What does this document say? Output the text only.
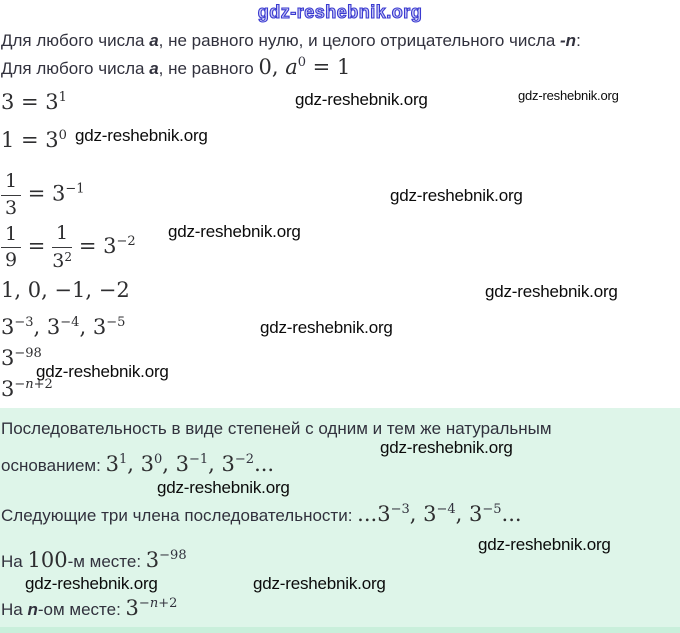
gdz-reshebnik.org
Для любого числа a, не равного нулю, и целого отрицательного числа -n:
Для любого числа a, не равного 0, $a^0 = 1$
$3 = 3^1$
$1 = 3^0$
$\frac{1}{3} = 3^{-1}$
$\frac{1}{9} = \frac{1}{3^2} = 3^{-2}$
1, 0, −1, −2
$3^{-3}$, $3^{-4}$, $3^{-5}$
$3^{-98}$
$3^{-n+2}$
Последовательность в виде степеней с одним и тем же натуральным
основанием: $3^1$, $3^0$, $3^{-1}$, $3^{-2}$...
Следующие три члена последовательности: $...3^{-3}$, $3^{-4}$, $3^{-5}$...
На 100-м месте: $3^{-98}$
На n-ом месте: $3^{-n+2}$
gdz-reshebnik.org	gdz-reshebnik.org
gdz-reshebnik.org
gdz-reshebnik.org
gdz-reshebnik.org
gdz-reshebnik.org
gdz-reshebnik.org
gdz-reshebnik.org
gdz-reshebnik.org
gdz-reshebnik.org
gdz-reshebnik.org
gdz-reshebnik.org	gdz-reshebnik.org
